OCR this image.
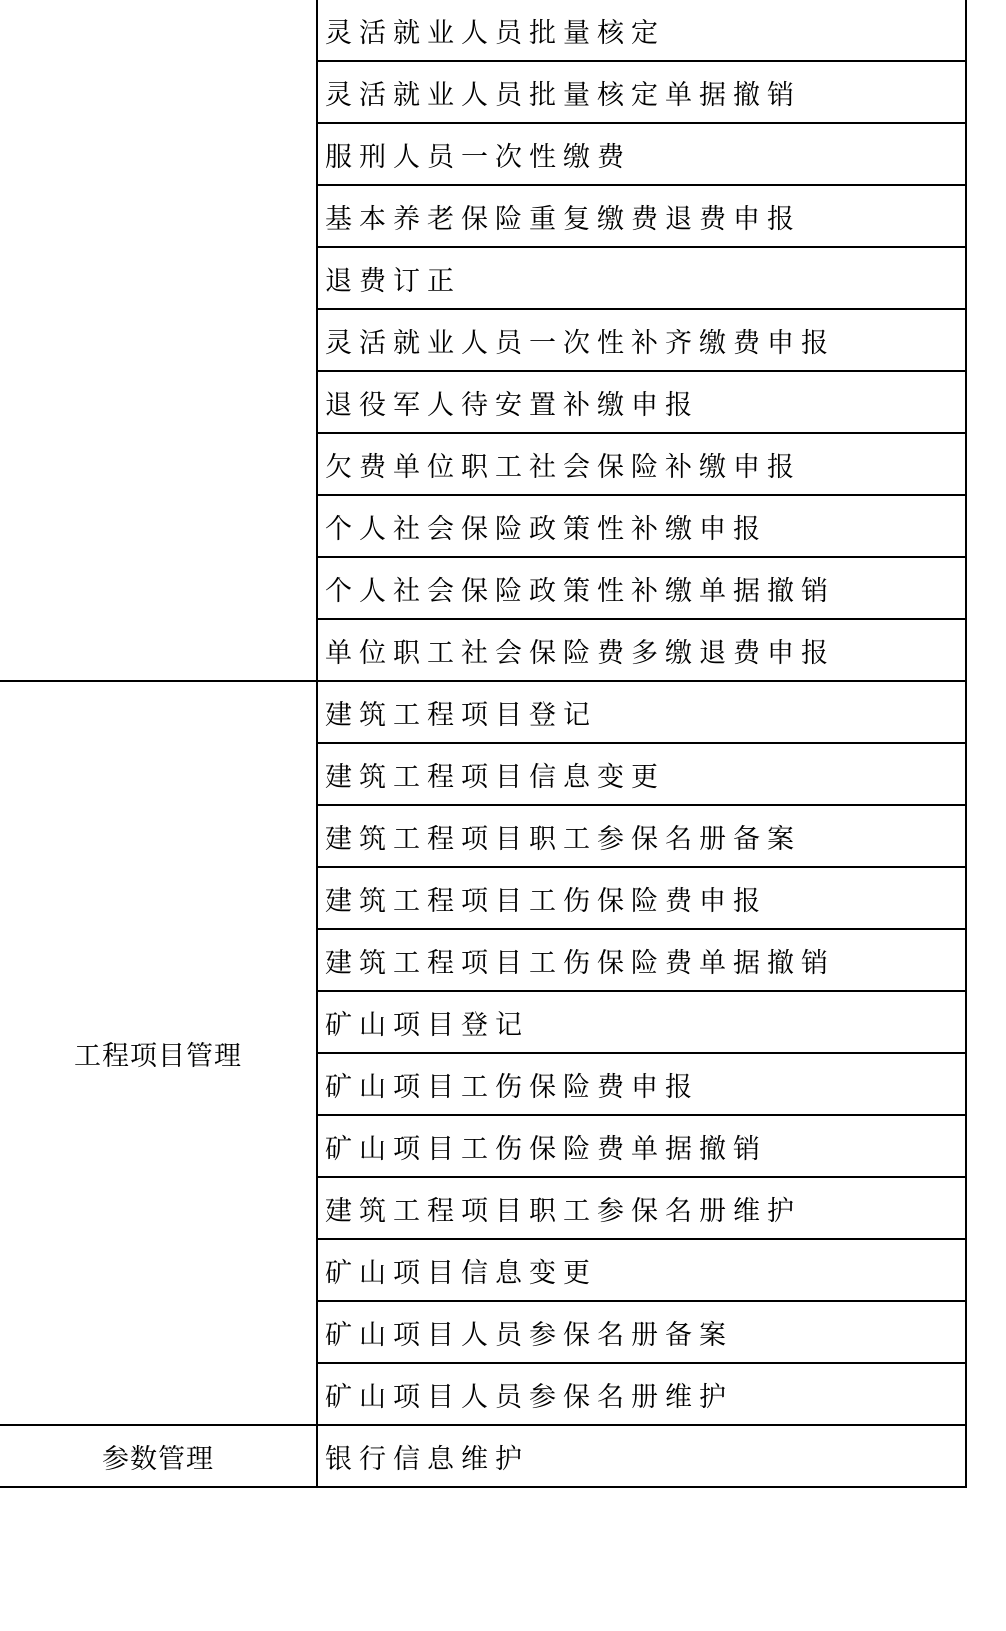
	灵活就业人员批量核定
	灵活就业人员批量核定单据撤销
	服刑人员一次性缴费
	基本养老保险重复缴费退费申报
	退费订正
	灵活就业人员一次性补齐缴费申报
	退役军人待安置补缴申报
	欠费单位职工社会保险补缴申报
	个人社会保险政策性补缴申报
	个人社会保险政策性补缴单据撤销
	单位职工社会保险费多缴退费申报
工程项目管理	建筑工程项目登记
	建筑工程项目信息变更
	建筑工程项目职工参保名册备案
	建筑工程项目工伤保险费申报
	建筑工程项目工伤保险费单据撤销
	矿山项目登记
	矿山项目工伤保险费申报
	矿山项目工伤保险费单据撤销
	建筑工程项目职工参保名册维护
	矿山项目信息变更
	矿山项目人员参保名册备案
	矿山项目人员参保名册维护
参数管理	银行信息维护
